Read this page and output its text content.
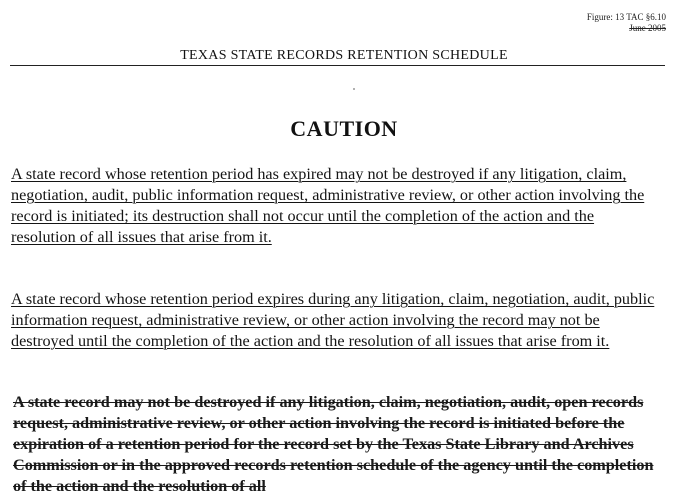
Figure: 13 TAC §6.10
June 2005
TEXAS STATE RECORDS RETENTION SCHEDULE
CAUTION

A state record whose retention period has expired may not be destroyed if any litigation, claim, negotiation, audit, public information request, administrative review, or other action involving the record is initiated; its destruction shall not occur until the completion of the action and the resolution of all issues that arise from it.

A state record whose retention period expires during any litigation, claim, negotiation, audit, public information request, administrative review, or other action involving the record may not be destroyed until the completion of the action and the resolution of all issues that arise from it.

A state record may not be destroyed if any litigation, claim, negotiation, audit, open records request, administrative review, or other action involving the record is initiated before the expiration of a retention period for the record set by the Texas State Library and Archives Commission or in the approved records retention schedule of the agency until the completion of the action and the resolution of all
